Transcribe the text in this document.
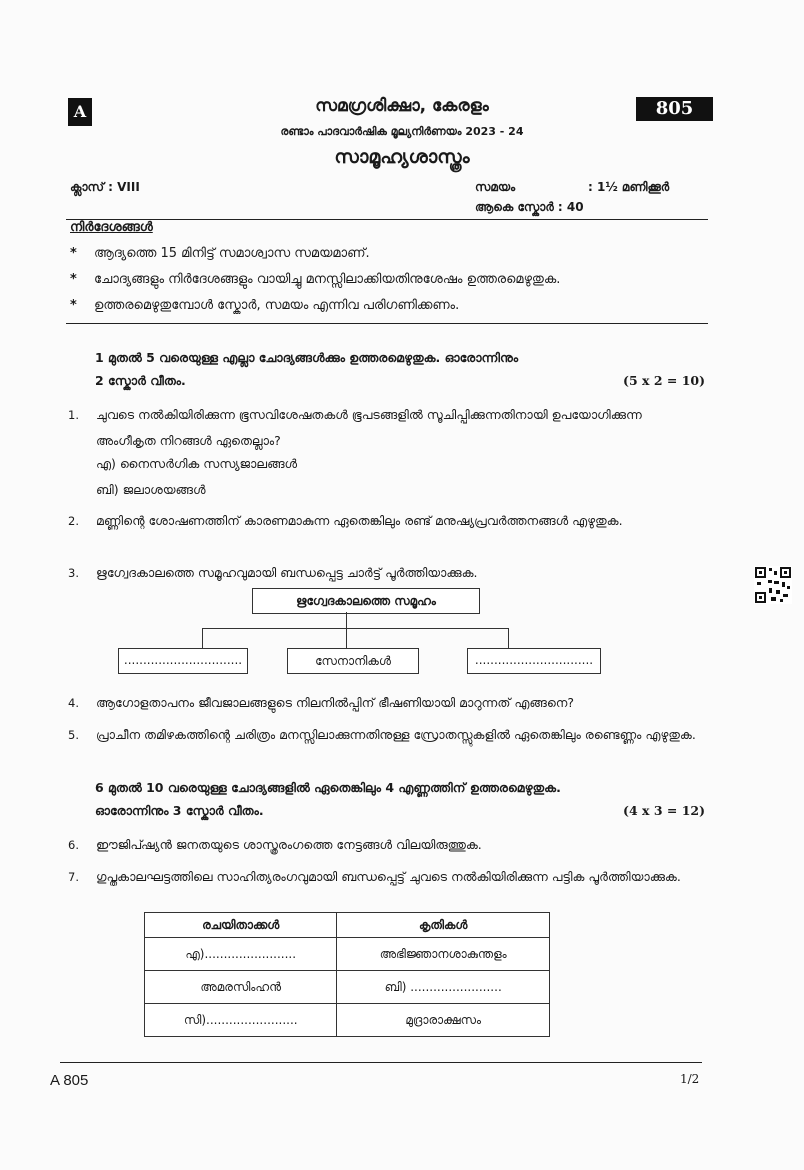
A	805
സമഗ്രശിക്ഷാ, കേരളം
രണ്ടാം പാദവാർഷിക മൂല്യനിർണയം 2023 - 24
സാമൂഹ്യശാസ്ത്രം
ക്ലാസ് : VIII	സമയം	: 1½ മണിക്കൂർ
ആകെ സ്കോർ : 40
നിർദേശങ്ങൾ
* ആദ്യത്തെ 15 മിനിട്ട് സമാശ്വാസ സമയമാണ്.
* ചോദ്യങ്ങളും നിർദേശങ്ങളും വായിച്ചു മനസ്സിലാക്കിയതിനുശേഷം ഉത്തരമെഴുതുക.
* ഉത്തരമെഴുതുമ്പോൾ സ്കോർ, സമയം എന്നിവ പരിഗണിക്കണം.
1 മുതൽ 5 വരെയുള്ള എല്ലാ ചോദ്യങ്ങൾക്കും ഉത്തരമെഴുതുക. ഓരോന്നിനും
2 സ്കോർ വീതം.	(5 x 2 = 10)
1.	ചുവടെ നൽകിയിരിക്കുന്ന ഭൂസവിശേഷതകൾ ഭൂപടങ്ങളിൽ സൂചിപ്പിക്കുന്നതിനായി ഉപയോഗിക്കുന്ന അംഗീകൃത നിറങ്ങൾ ഏതെല്ലാം?
എ) നൈസർഗിക സസ്യജാലങ്ങൾ
ബി) ജലാശയങ്ങൾ
2.	മണ്ണിന്റെ ശോഷണത്തിന് കാരണമാകുന്ന ഏതെങ്കിലും രണ്ട് മനുഷ്യപ്രവർത്തനങ്ങൾ എഴുതുക.
3.	ഋഗ്വേദകാലത്തെ സമൂഹവുമായി ബന്ധപ്പെട്ട ചാർട്ട് പൂർത്തിയാക്കുക.
ഋഗ്വേദകാലത്തെ സമൂഹം
...............................	സേനാനികൾ	...............................
4.	ആഗോളതാപനം ജീവജാലങ്ങളുടെ നിലനിൽപ്പിന് ഭീഷണിയായി മാറുന്നത് എങ്ങനെ?
5.	പ്രാചീന തമിഴകത്തിന്റെ ചരിത്രം മനസ്സിലാക്കുന്നതിനുള്ള സ്രോതസ്സുകളിൽ ഏതെങ്കിലും രണ്ടെണ്ണം എഴുതുക.
6 മുതൽ 10 വരെയുള്ള ചോദ്യങ്ങളിൽ ഏതെങ്കിലും 4 എണ്ണത്തിന് ഉത്തരമെഴുതുക.
ഓരോന്നിനും 3 സ്കോർ വീതം.	(4 x 3 = 12)
6.	ഈജിപ്ഷ്യൻ ജനതയുടെ ശാസ്ത്രരംഗത്തെ നേട്ടങ്ങൾ വിലയിരുത്തുക.
7.	ഗുപ്തകാലഘട്ടത്തിലെ സാഹിത്യരംഗവുമായി ബന്ധപ്പെട്ട് ചുവടെ നൽകിയിരിക്കുന്ന പട്ടിക പൂർത്തിയാക്കുക.
രചയിതാക്കൾ	കൃതികൾ
എ)........................	അഭിജ്ഞാനശാകുന്തളം
അമരസിംഹൻ	ബി) ........................
സി)........................	മുദ്രാരാക്ഷസം
A 805	1/2
